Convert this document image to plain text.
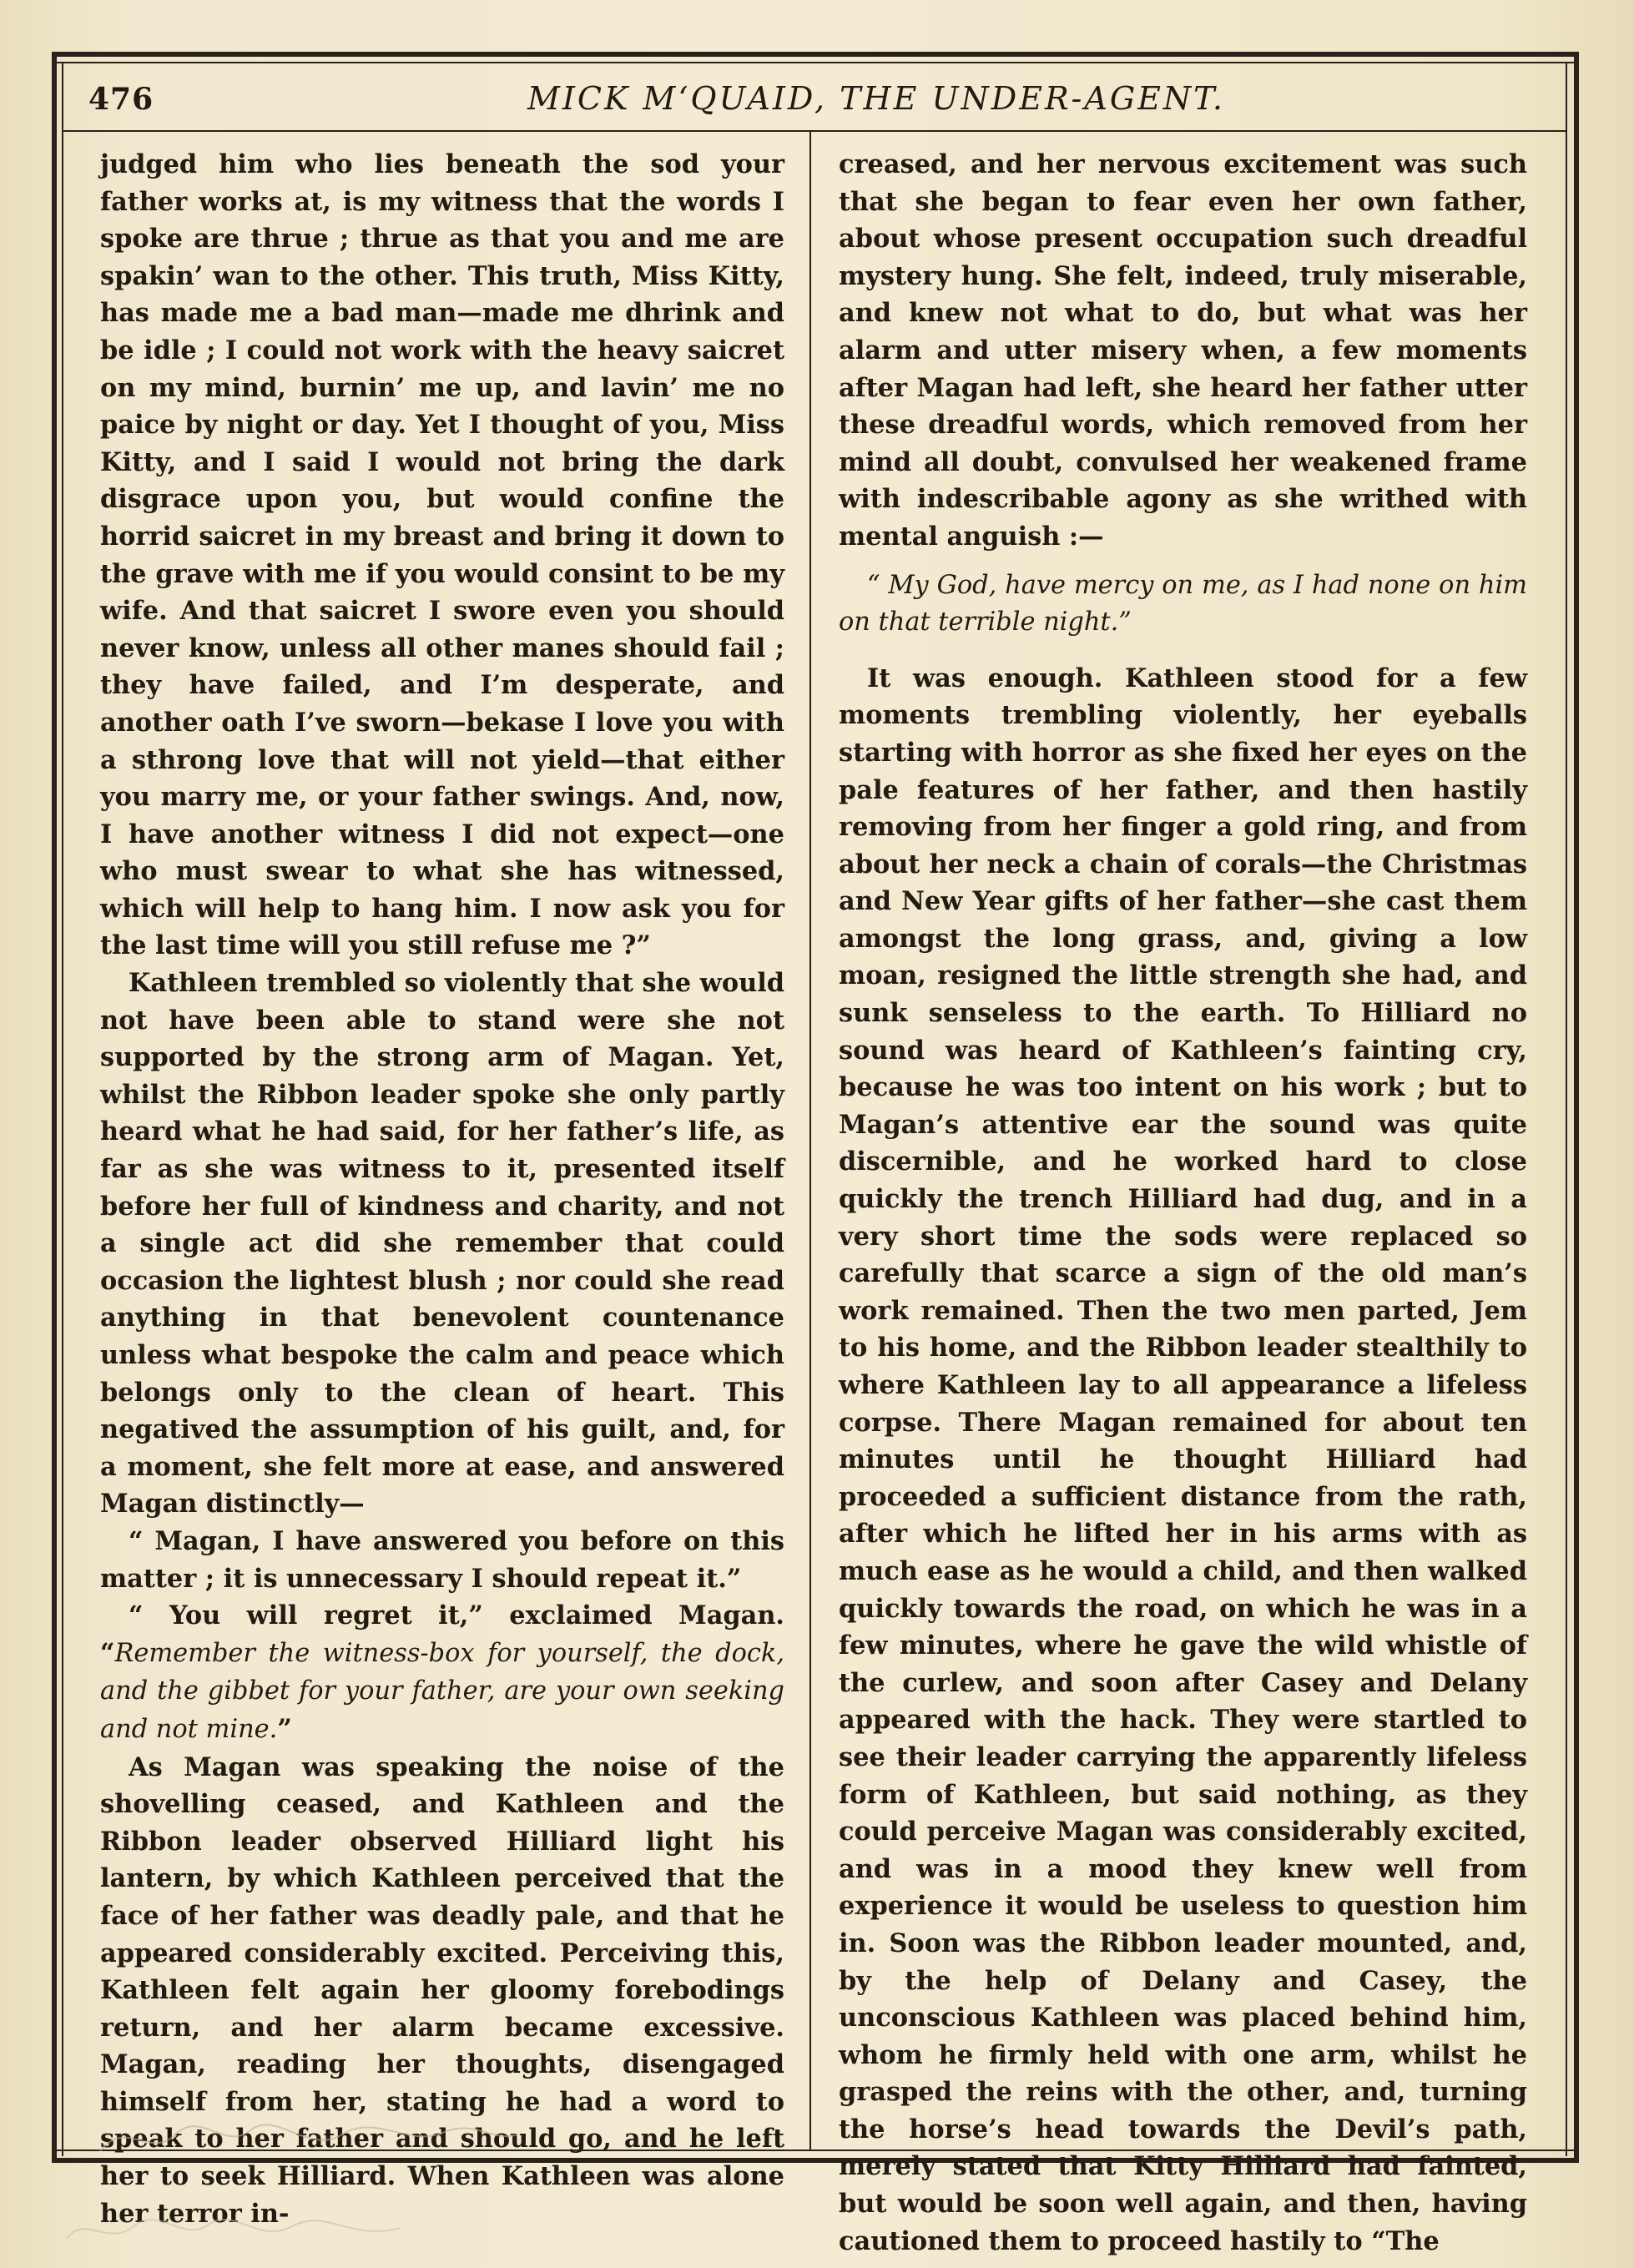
476	MICK M‘QUAID, THE UNDER-AGENT.

judged him who lies beneath the sod your father works at, is my witness that the words I spoke are thrue ; thrue as that you and me are spakin’ wan to the other. This truth, Miss Kitty, has made me a bad man—made me dhrink and be idle ; I could not work with the heavy saicret on my mind, burnin’ me up, and lavin’ me no paice by night or day. Yet I thought of you, Miss Kitty, and I said I would not bring the dark disgrace upon you, but would confine the horrid saicret in my breast and bring it down to the grave with me if you would consint to be my wife. And that saicret I swore even you should never know, unless all other manes should fail ; they have failed, and I’m desperate, and another oath I’ve sworn—bekase I love you with a sthrong love that will not yield—that either you marry me, or your father swings. And, now, I have another witness I did not expect—one who must swear to what she has witnessed, which will help to hang him. I now ask you for the last time will you still refuse me ?”

Kathleen trembled so violently that she would not have been able to stand were she not supported by the strong arm of Magan. Yet, whilst the Ribbon leader spoke she only partly heard what he had said, for her father’s life, as far as she was witness to it, presented itself before her full of kindness and charity, and not a single act did she remember that could occasion the lightest blush ; nor could she read anything in that benevolent countenance unless what bespoke the calm and peace which belongs only to the clean of heart. This negatived the assumption of his guilt, and, for a moment, she felt more at ease, and answered Magan distinctly—

“ Magan, I have answered you before on this matter ; it is unnecessary I should repeat it.”

“ You will regret it,” exclaimed Magan. “Remember the witness-box for yourself, the dock, and the gibbet for your father, are your own seeking and not mine.”

As Magan was speaking the noise of the shovelling ceased, and Kathleen and the Ribbon leader observed Hilliard light his lantern, by which Kathleen perceived that the face of her father was deadly pale, and that he appeared considerably excited. Perceiving this, Kathleen felt again her gloomy forebodings return, and her alarm became excessive. Magan, reading her thoughts, disengaged himself from her, stating he had a word to speak to her father and should go, and he left her to seek Hilliard. When Kathleen was alone her terror in-

creased, and her nervous excitement was such that she began to fear even her own father, about whose present occupation such dreadful mystery hung. She felt, indeed, truly miserable, and knew not what to do, but what was her alarm and utter misery when, a few moments after Magan had left, she heard her father utter these dreadful words, which removed from her mind all doubt, convulsed her weakened frame with indescribable agony as she writhed with mental anguish :—

“ My God, have mercy on me, as I had none on him on that terrible night.”

It was enough. Kathleen stood for a few moments trembling violently, her eyeballs starting with horror as she fixed her eyes on the pale features of her father, and then hastily removing from her finger a gold ring, and from about her neck a chain of corals—the Christmas and New Year gifts of her father—she cast them amongst the long grass, and, giving a low moan, resigned the little strength she had, and sunk senseless to the earth. To Hilliard no sound was heard of Kathleen’s fainting cry, because he was too intent on his work ; but to Magan’s attentive ear the sound was quite discernible, and he worked hard to close quickly the trench Hilliard had dug, and in a very short time the sods were replaced so carefully that scarce a sign of the old man’s work remained. Then the two men parted, Jem to his home, and the Ribbon leader stealthily to where Kathleen lay to all appearance a lifeless corpse. There Magan remained for about ten minutes until he thought Hilliard had proceeded a sufficient distance from the rath, after which he lifted her in his arms with as much ease as he would a child, and then walked quickly towards the road, on which he was in a few minutes, where he gave the wild whistle of the curlew, and soon after Casey and Delany appeared with the hack. They were startled to see their leader carrying the apparently lifeless form of Kathleen, but said nothing, as they could perceive Magan was considerably excited, and was in a mood they knew well from experience it would be useless to question him in. Soon was the Ribbon leader mounted, and, by the help of Delany and Casey, the unconscious Kathleen was placed behind him, whom he firmly held with one arm, whilst he grasped the reins with the other, and, turning the horse’s head towards the Devil’s path, merely stated that Kitty Hilliard had fainted, but would be soon well again, and then, having cautioned them to proceed hastily to “The
